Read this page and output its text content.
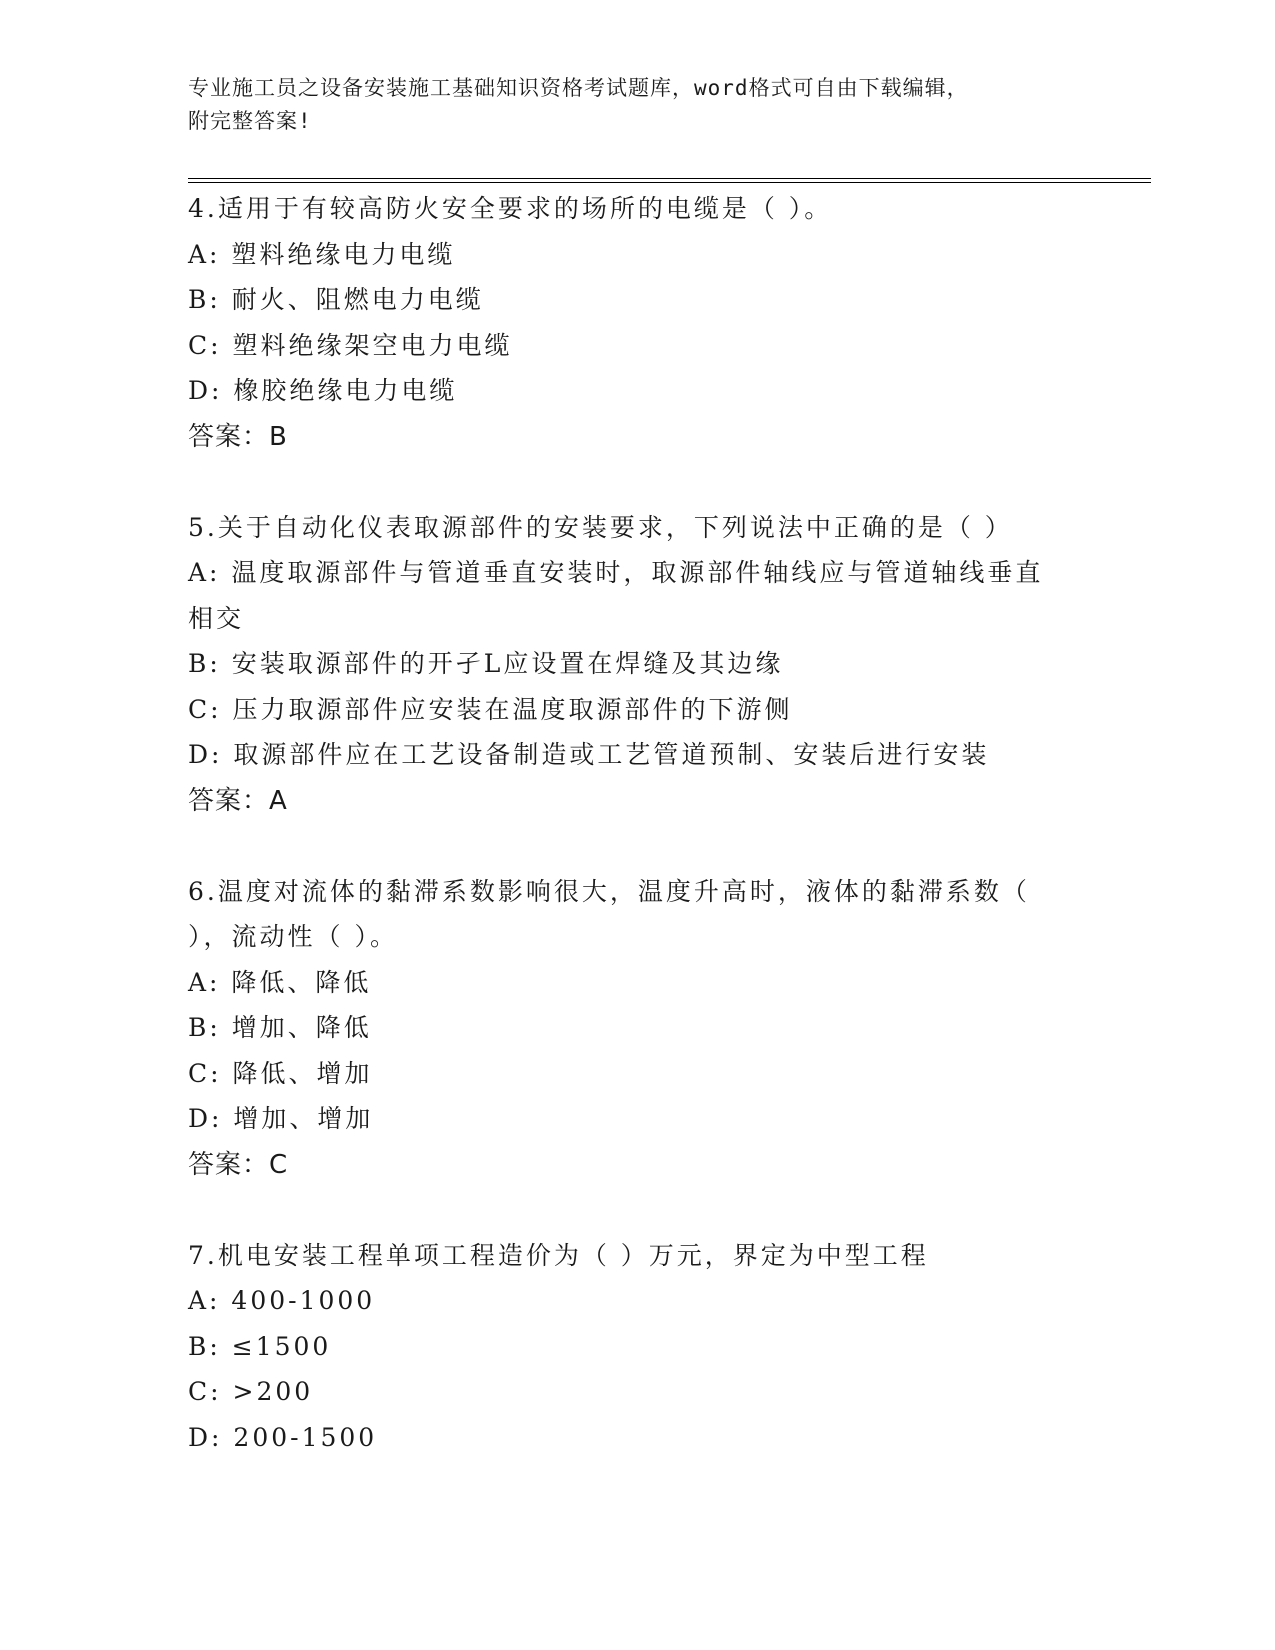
专业施工员之设备安装施工基础知识资格考试题库，word格式可自由下载编辑，
附完整答案!
4.适用于有较高防火安全要求的场所的电缆是（ ）。
A: 塑料绝缘电力电缆
B: 耐火、阻燃电力电缆
C: 塑料绝缘架空电力电缆
D: 橡胶绝缘电力电缆
答案：B
5.关于自动化仪表取源部件的安装要求，下列说法中正确的是（ ）
A: 温度取源部件与管道垂直安装时，取源部件轴线应与管道轴线垂直
相交
B: 安装取源部件的开孑L应设置在焊缝及其边缘
C: 压力取源部件应安装在温度取源部件的下游侧
D: 取源部件应在工艺设备制造或工艺管道预制、安装后进行安装
答案：A
6.温度对流体的黏滞系数影响很大，温度升高时，液体的黏滞系数（
），流动性（ ）。
A: 降低、降低
B: 增加、降低
C: 降低、增加
D: 增加、增加
答案：C
7.机电安装工程单项工程造价为（ ）万元，界定为中型工程
A: 400-1000
B: ≤1500
C: >200
D: 200-1500
